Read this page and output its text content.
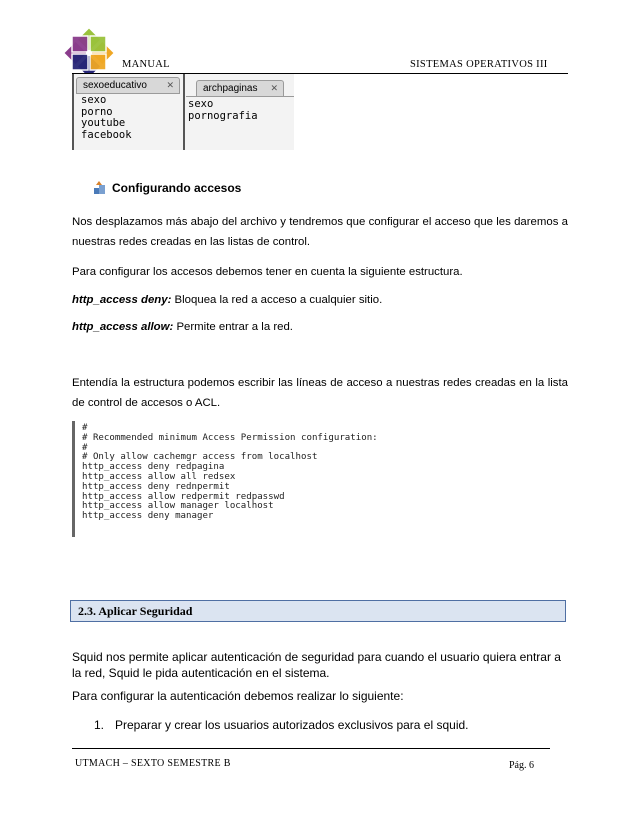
MANUAL	SISTEMAS OPERATIVOS III
sexoeducativo ✕
sexo
porno
youtube
facebook
archpaginas ✕
sexo
pornografia
Configurando accesos
Nos desplazamos más abajo del archivo y tendremos que configurar el acceso que les daremos a nuestras redes creadas en las listas de control.
Para configurar los accesos debemos tener en cuenta la siguiente estructura.
http_access deny: Bloquea la red a acceso a cualquier sitio.
http_access allow: Permite entrar a la red.
Entendía la estructura podemos escribir las líneas de acceso a nuestras redes creadas en la lista de control de accesos o ACL.
#
# Recommended minimum Access Permission configuration:
#
# Only allow cachemgr access from localhost
http_access deny redpagina
http_access allow all redsex
http_access deny rednpermit
http_access allow redpermit redpasswd
http_access allow manager localhost
http_access deny manager
2.3. Aplicar Seguridad
Squid nos permite aplicar autenticación de seguridad para cuando el usuario quiera entrar a la red, Squid le pida autenticación en el sistema.
Para configurar la autenticación debemos realizar lo siguiente:
1. Preparar y crear los usuarios autorizados exclusivos para el squid.
UTMACH – SEXTO SEMESTRE B	Pág. 6
